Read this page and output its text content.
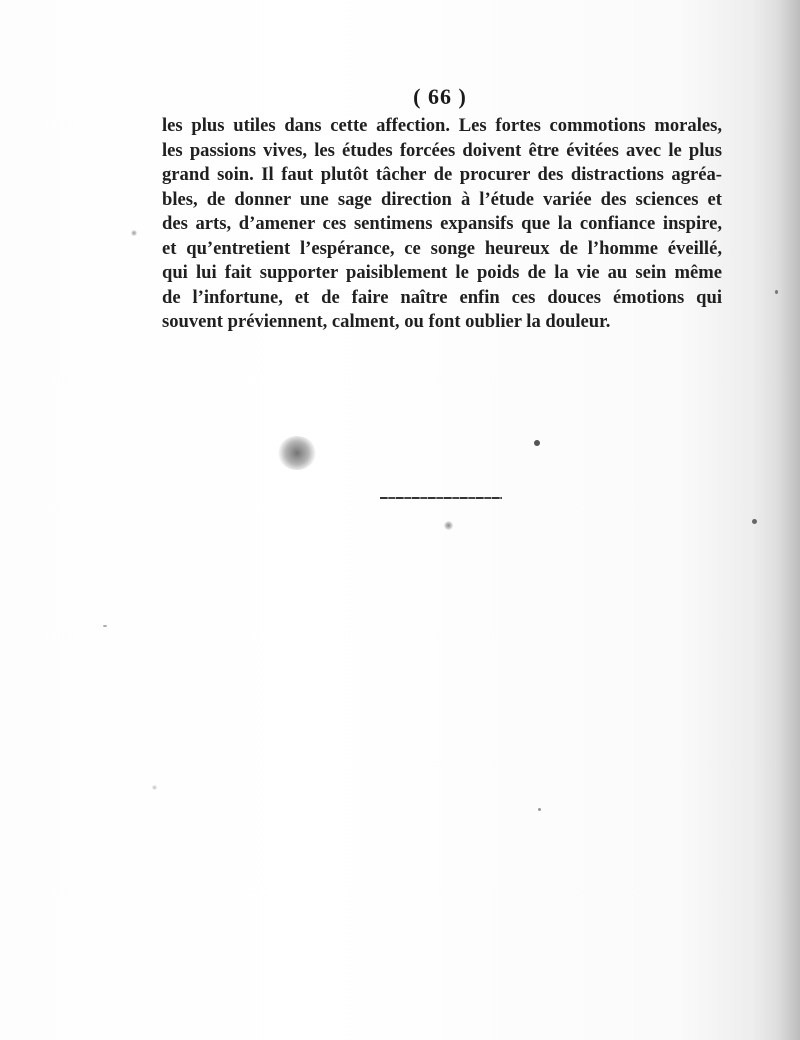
( 66 )
les plus utiles dans cette affection. Les fortes commotions morales,
les passions vives, les études forcées doivent être évitées avec le plus
grand soin. Il faut plutôt tâcher de procurer des distractions agréa-
bles, de donner une sage direction à l’étude variée des sciences et
des arts, d’amener ces sentimens expansifs que la confiance inspire,
et qu’entretient l’espérance, ce songe heureux de l’homme éveillé,
qui lui fait supporter paisiblement le poids de la vie au sein même
de l’infortune, et de faire naître enfin ces douces émotions qui
souvent préviennent, calment, ou font oublier la douleur.
